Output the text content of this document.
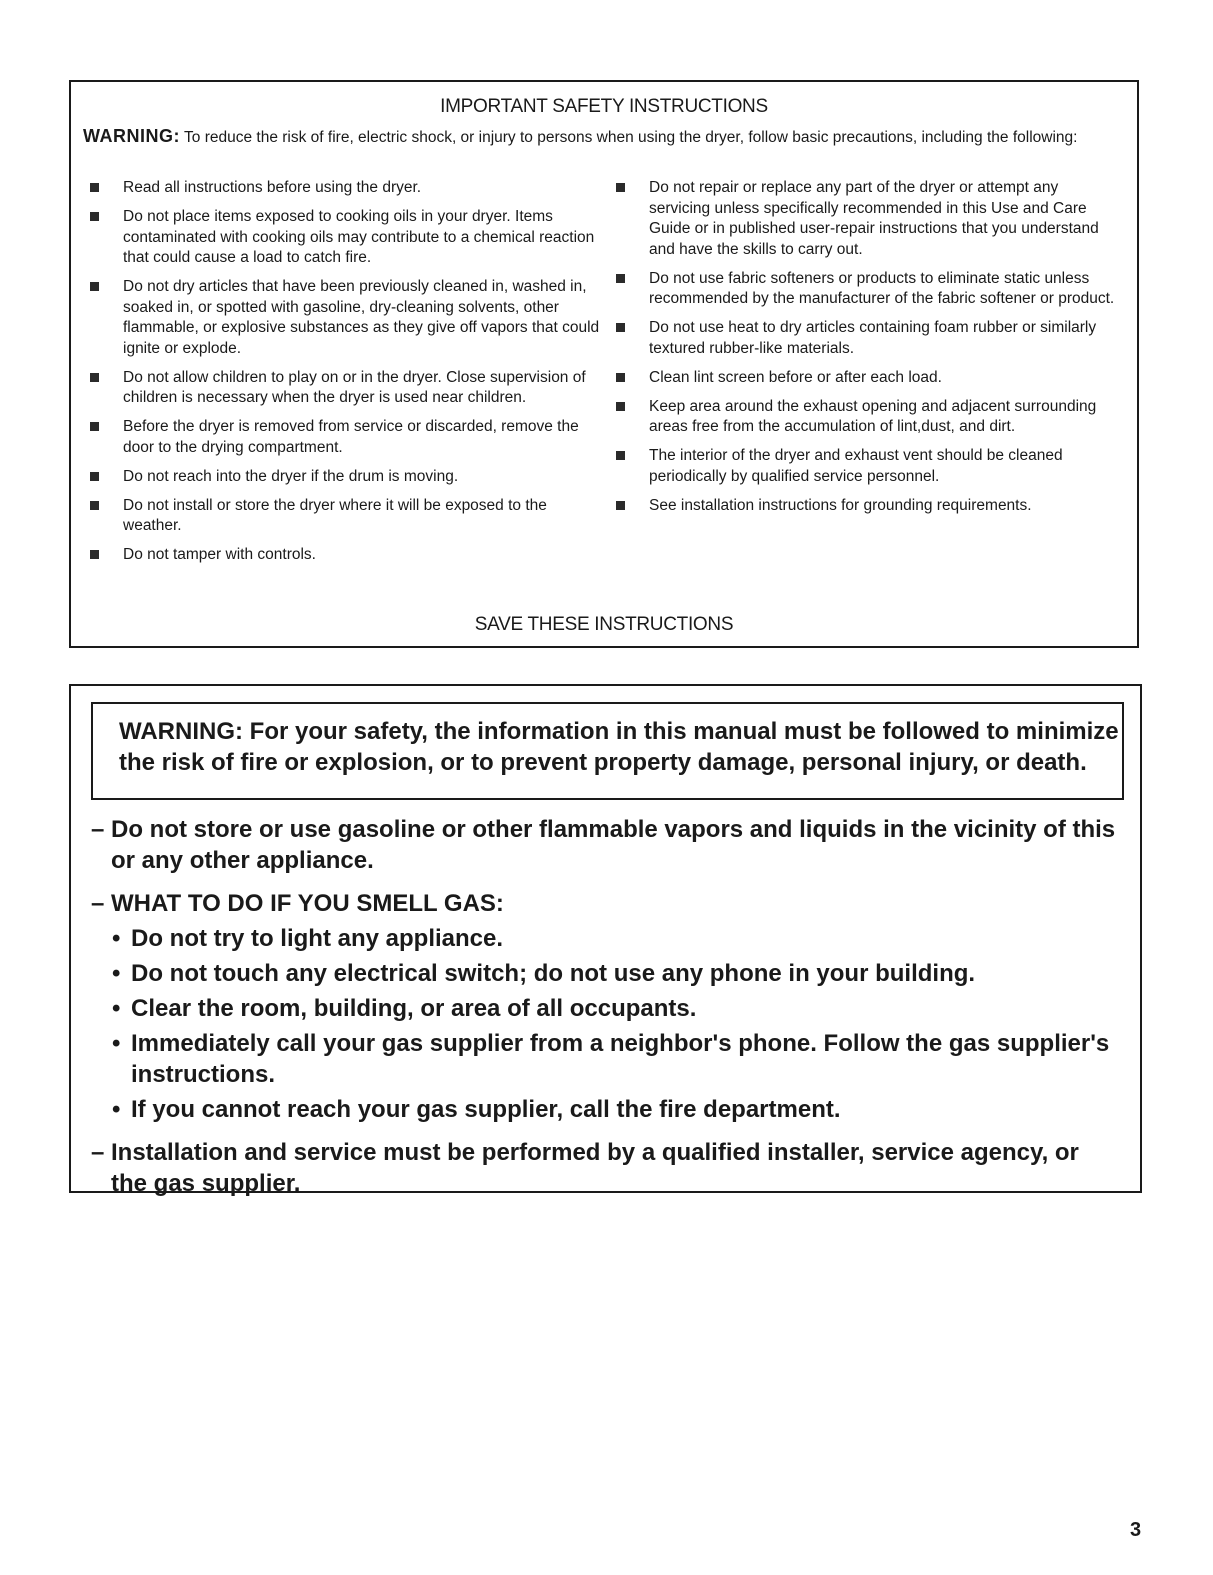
IMPORTANT SAFETY INSTRUCTIONS
WARNING: To reduce the risk of fire, electric shock, or injury to persons when using the dryer, follow basic precautions, including the following:
Read all instructions before using the dryer.
Do not place items exposed to cooking oils in your dryer. Items contaminated with cooking oils may contribute to a chemical reaction that could cause a load to catch fire.
Do not dry articles that have been previously cleaned in, washed in, soaked in, or spotted with gasoline, dry-cleaning solvents, other flammable, or explosive substances as they give off vapors that could ignite or explode.
Do not allow children to play on or in the dryer. Close supervision of children is necessary when the dryer is used near children.
Before the dryer is removed from service or discarded, remove the door to the drying compartment.
Do not reach into the dryer if the drum is moving.
Do not install or store the dryer where it will be exposed to the weather.
Do not tamper with controls.
Do not repair or replace any part of the dryer or attempt any servicing unless specifically recommended in this Use and Care Guide or in published user-repair instructions that you understand and have the skills to carry out.
Do not use fabric softeners or products to eliminate static unless recommended by the manufacturer of the fabric softener or product.
Do not use heat to dry articles containing foam rubber or similarly textured rubber-like materials.
Clean lint screen before or after each load.
Keep area around the exhaust opening and adjacent surrounding areas free from the accumulation of lint,dust, and dirt.
The interior of the dryer and exhaust vent should be cleaned periodically by qualified service personnel.
See installation instructions for grounding requirements.
SAVE THESE INSTRUCTIONS
WARNING: For your safety, the information in this manual must be followed to minimize the risk of fire or explosion, or to prevent property damage, personal injury, or death.
– Do not store or use gasoline or other flammable vapors and liquids in the vicinity of this or any other appliance.
– WHAT TO DO IF YOU SMELL GAS:
• Do not try to light any appliance.
• Do not touch any electrical switch; do not use any phone in your building.
• Clear the room, building, or area of all occupants.
• Immediately call your gas supplier from a neighbor's phone. Follow the gas supplier's instructions.
• If you cannot reach your gas supplier, call the fire department.
– Installation and service must be performed by a qualified installer, service agency, or the gas supplier.
3
